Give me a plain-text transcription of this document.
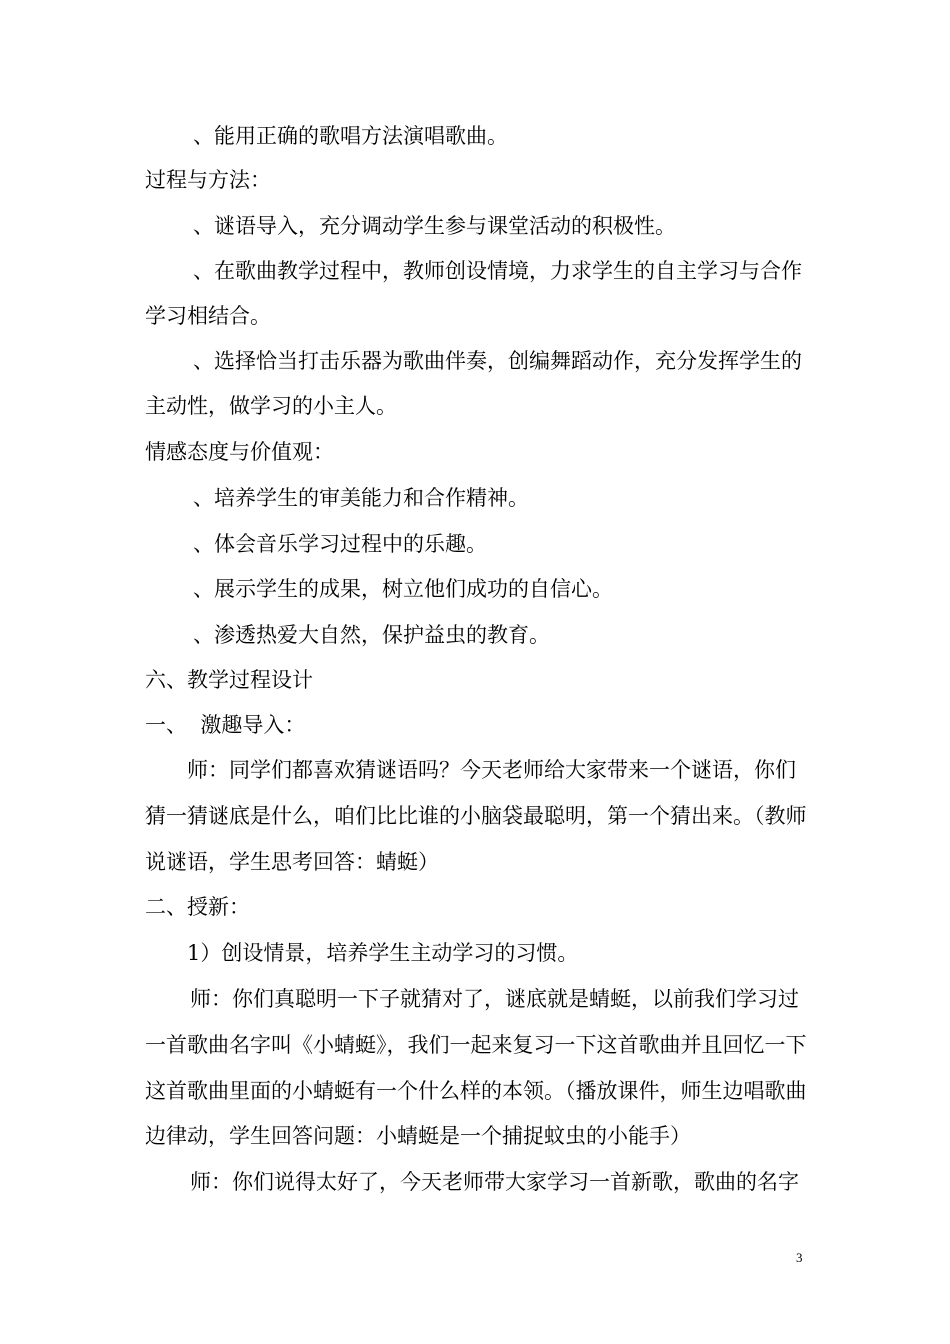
、能用正确的歌唱方法演唱歌曲。
过程与方法：
、谜语导入，充分调动学生参与课堂活动的积极性。
、在歌曲教学过程中，教师创设情境，力求学生的自主学习与合作
学习相结合。
、选择恰当打击乐器为歌曲伴奏，创编舞蹈动作，充分发挥学生的
主动性，做学习的小主人。
情感态度与价值观：
、培养学生的审美能力和合作精神。
、体会音乐学习过程中的乐趣。
、展示学生的成果，树立他们成功的自信心。
、渗透热爱大自然，保护益虫的教育。
六、教学过程设计
一、  激趣导入：
师：同学们都喜欢猜谜语吗？今天老师给大家带来一个谜语，你们
猜一猜谜底是什么，咱们比比谁的小脑袋最聪明，第一个猜出来。（教师
说谜语，学生思考回答：蜻蜓）
二、授新：
1）创设情景，培养学生主动学习的习惯。
师：你们真聪明一下子就猜对了，谜底就是蜻蜓，以前我们学习过
一首歌曲名字叫《小蜻蜓》，我们一起来复习一下这首歌曲并且回忆一下
这首歌曲里面的小蜻蜓有一个什么样的本领。（播放课件，师生边唱歌曲
边律动，学生回答问题：小蜻蜓是一个捕捉蚊虫的小能手）
师：你们说得太好了，今天老师带大家学习一首新歌，歌曲的名字
3
